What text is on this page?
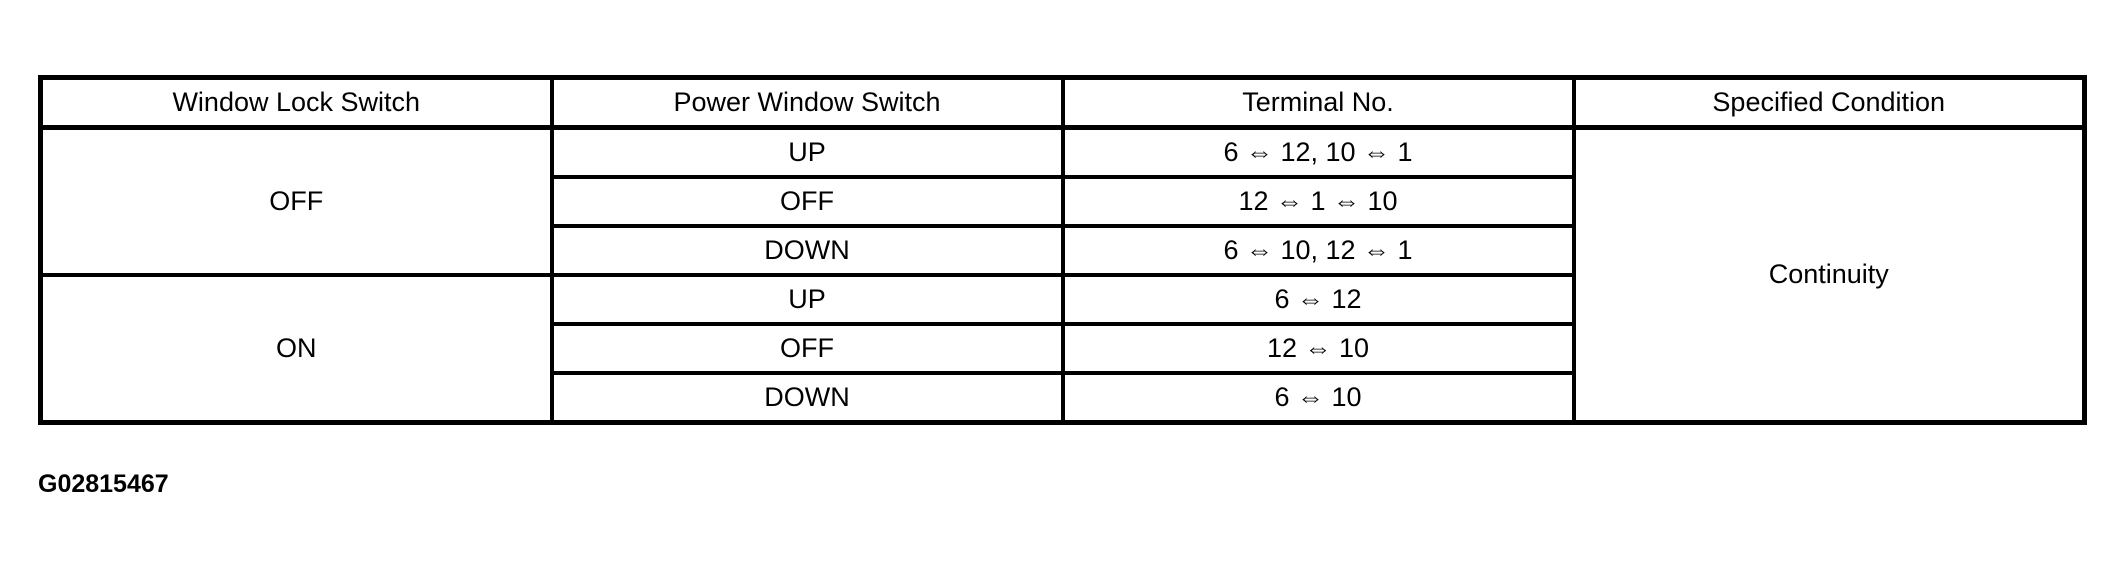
Window Lock Switch	Power Window Switch	Terminal No.	Specified Condition
OFF	UP	6 ⇔ 12, 10 ⇔ 1	Continuity
	OFF	12 ⇔ 1 ⇔ 10	
	DOWN	6 ⇔ 10, 12 ⇔ 1	
ON	UP	6 ⇔ 12	
	OFF	12 ⇔ 10	
	DOWN	6 ⇔ 10	
G02815467
